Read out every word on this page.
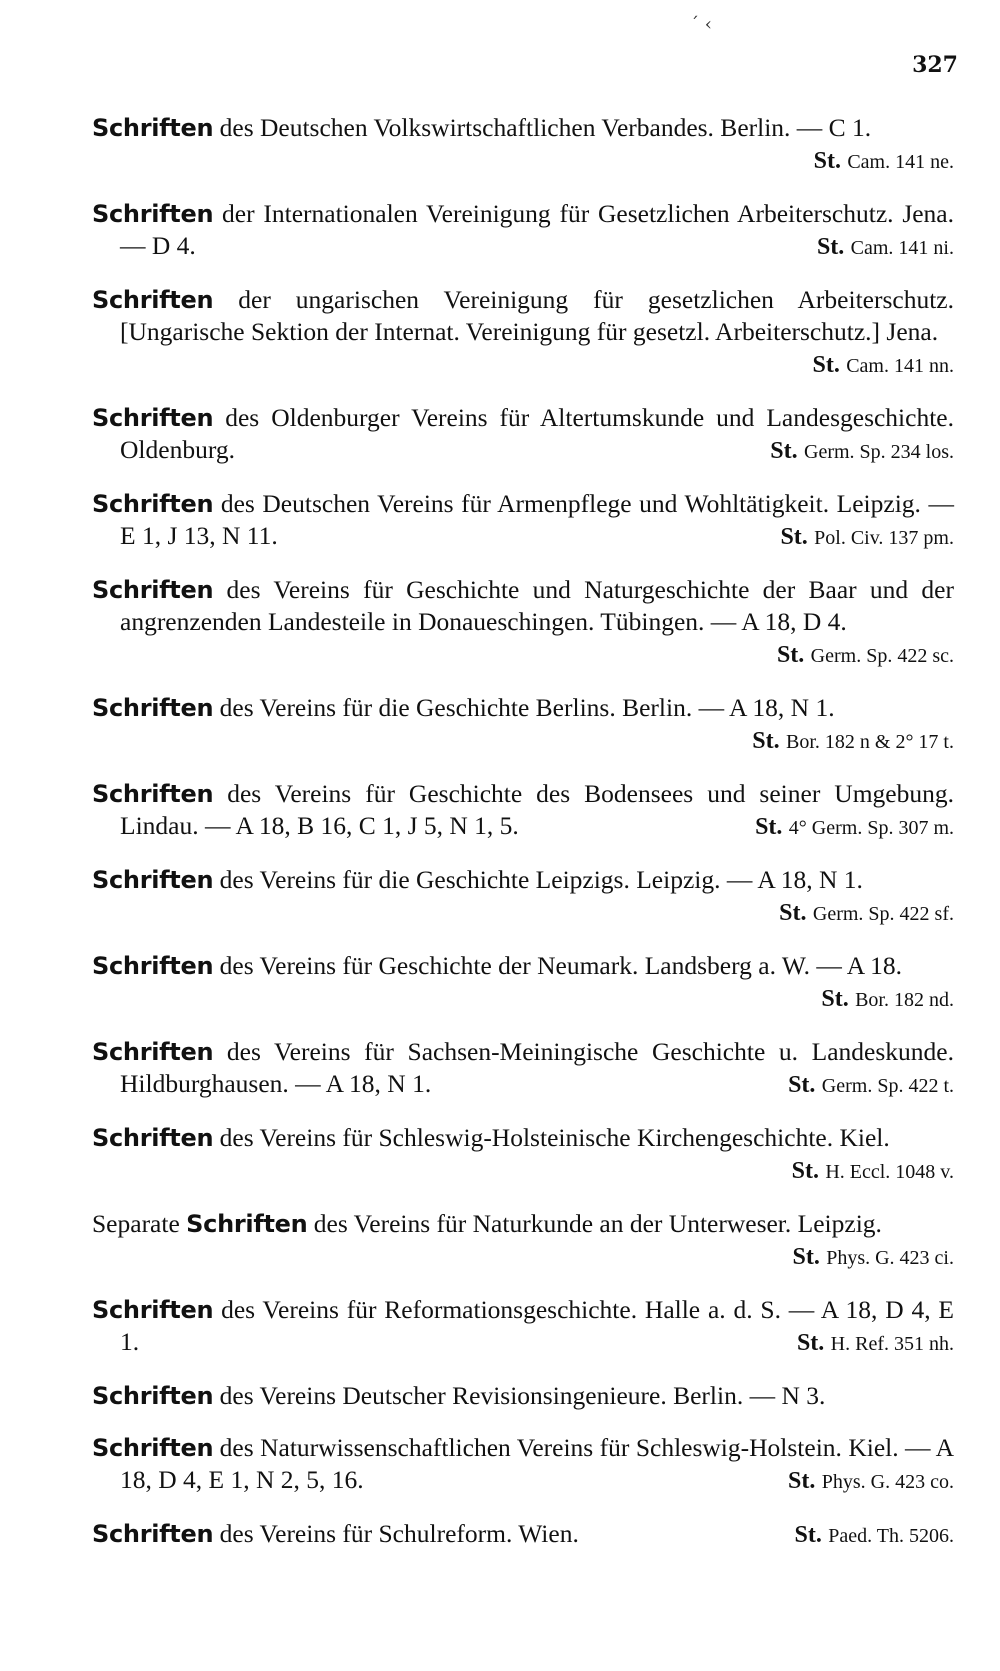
´ ‹
327
Schriften des Deutschen Volkswirtschaftlichen Verbandes. Berlin. — C 1.
St. Cam. 141 ne.
Schriften der Internationalen Vereinigung für Gesetzlichen Arbeiterschutz. Jena. — D 4.	St. Cam. 141 ni.
Schriften der ungarischen Vereinigung für gesetzlichen Arbeiterschutz. [Ungarische Sektion der Internat. Vereinigung für gesetzl. Arbeiterschutz.] Jena.
St. Cam. 141 nn.
Schriften des Oldenburger Vereins für Altertumskunde und Landesgeschichte. Oldenburg.	St. Germ. Sp. 234 los.
Schriften des Deutschen Vereins für Armenpflege und Wohltätigkeit. Leipzig. — E 1, J 13, N 11.	St. Pol. Civ. 137 pm.
Schriften des Vereins für Geschichte und Naturgeschichte der Baar und der angrenzenden Landesteile in Donaueschingen. Tübingen. — A 18, D 4.
St. Germ. Sp. 422 sc.
Schriften des Vereins für die Geschichte Berlins. Berlin. — A 18, N 1.
St. Bor. 182 n & 2° 17 t.
Schriften des Vereins für Geschichte des Bodensees und seiner Umgebung. Lindau. — A 18, B 16, C 1, J 5, N 1, 5.	St. 4° Germ. Sp. 307 m.
Schriften des Vereins für die Geschichte Leipzigs. Leipzig. — A 18, N 1.
St. Germ. Sp. 422 sf.
Schriften des Vereins für Geschichte der Neumark. Landsberg a. W. — A 18.
St. Bor. 182 nd.
Schriften des Vereins für Sachsen-Meiningische Geschichte u. Landeskunde. Hildburghausen. — A 18, N 1.	St. Germ. Sp. 422 t.
Schriften des Vereins für Schleswig-Holsteinische Kirchengeschichte. Kiel.
St. H. Eccl. 1048 v.
Separate Schriften des Vereins für Naturkunde an der Unterweser. Leipzig.
St. Phys. G. 423 ci.
Schriften des Vereins für Reformationsgeschichte. Halle a. d. S. — A 18, D 4, E 1.	St. H. Ref. 351 nh.
Schriften des Vereins Deutscher Revisionsingenieure. Berlin. — N 3.
Schriften des Naturwissenschaftlichen Vereins für Schleswig-Holstein. Kiel. — A 18, D 4, E 1, N 2, 5, 16.	St. Phys. G. 423 co.
Schriften des Vereins für Schulreform. Wien.	St. Paed. Th. 5206.
